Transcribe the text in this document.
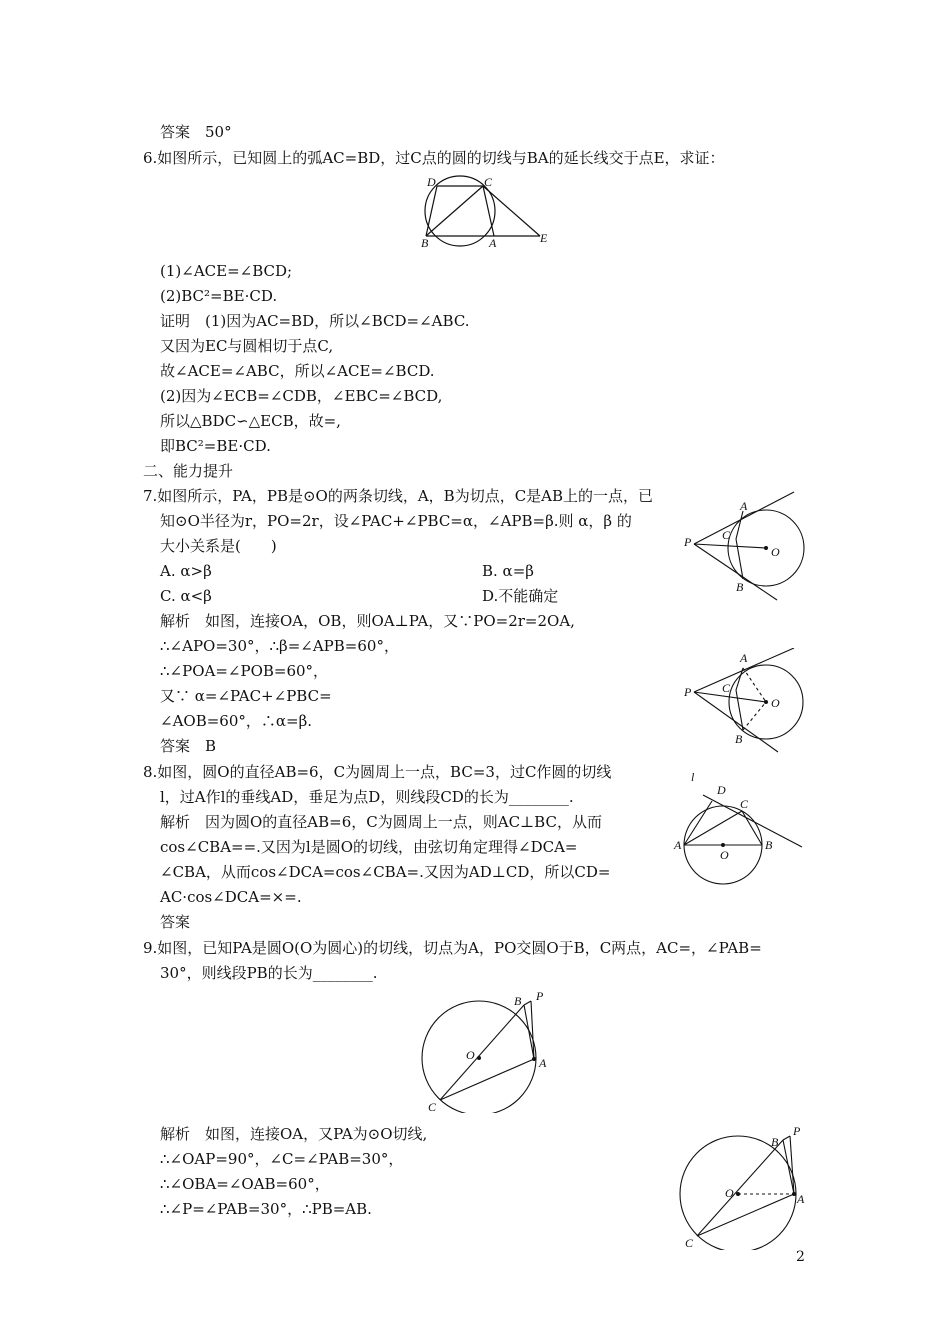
答案　50°
6.如图所示，已知圆上的弧AC=BD，过C点的圆的切线与BA的延长线交于点E，求证：
(1)∠ACE=∠BCD;
(2)BC²=BE·CD.
证明　(1)因为AC=BD，所以∠BCD=∠ABC.
又因为EC与圆相切于点C,
故∠ACE=∠ABC，所以∠ACE=∠BCD.
(2)因为∠ECB=∠CDB，∠EBC=∠BCD,
所以△BDC∽△ECB，故=,
即BC²=BE·CD.
二、能力提升
7.如图所示，PA，PB是⊙O的两条切线，A，B为切点，C是AB上的一点，已
知⊙O半径为r，PO=2r，设∠PAC+∠PBC=α，∠APB=β.则 α，β 的
大小关系是(　　)
A. α>β	B. α=β
C. α<β	D.不能确定
解析　如图，连接OA，OB，则OA⊥PA，又∵PO=2r=2OA,
∴∠APO=30°，∴β=∠APB=60°，
∴∠POA=∠POB=60°，
又∵ α=∠PAC+∠PBC=
∠AOB=60°，∴α=β.
答案　B
8.如图，圆O的直径AB=6，C为圆周上一点，BC=3，过C作圆的切线
l，过A作l的垂线AD，垂足为点D，则线段CD的长为________.
解析　因为圆O的直径AB=6，C为圆周上一点，则AC⊥BC，从而
cos∠CBA==.又因为l是圆O的切线，由弦切角定理得∠DCA=
∠CBA，从而cos∠DCA=cos∠CBA=.又因为AD⊥CD，所以CD=
AC·cos∠DCA=×=.
答案
9.如图，已知PA是圆O(O为圆心)的切线，切点为A，PO交圆O于B，C两点，AC=，∠PAB=
30°，则线段PB的长为________.
解析　如图，连接OA，又PA为⊙O切线,
∴∠OAP=90°，∠C=∠PAB=30°，
∴∠OBA=∠OAB=60°，
∴∠P=∠PAB=30°，∴PB=AB.
2
D	C
B	A	E
A
P	C
O
B
A
P	C
O
B
l
D
C
A
O
B
P
B
O
A
C
P
B
O	A
C
